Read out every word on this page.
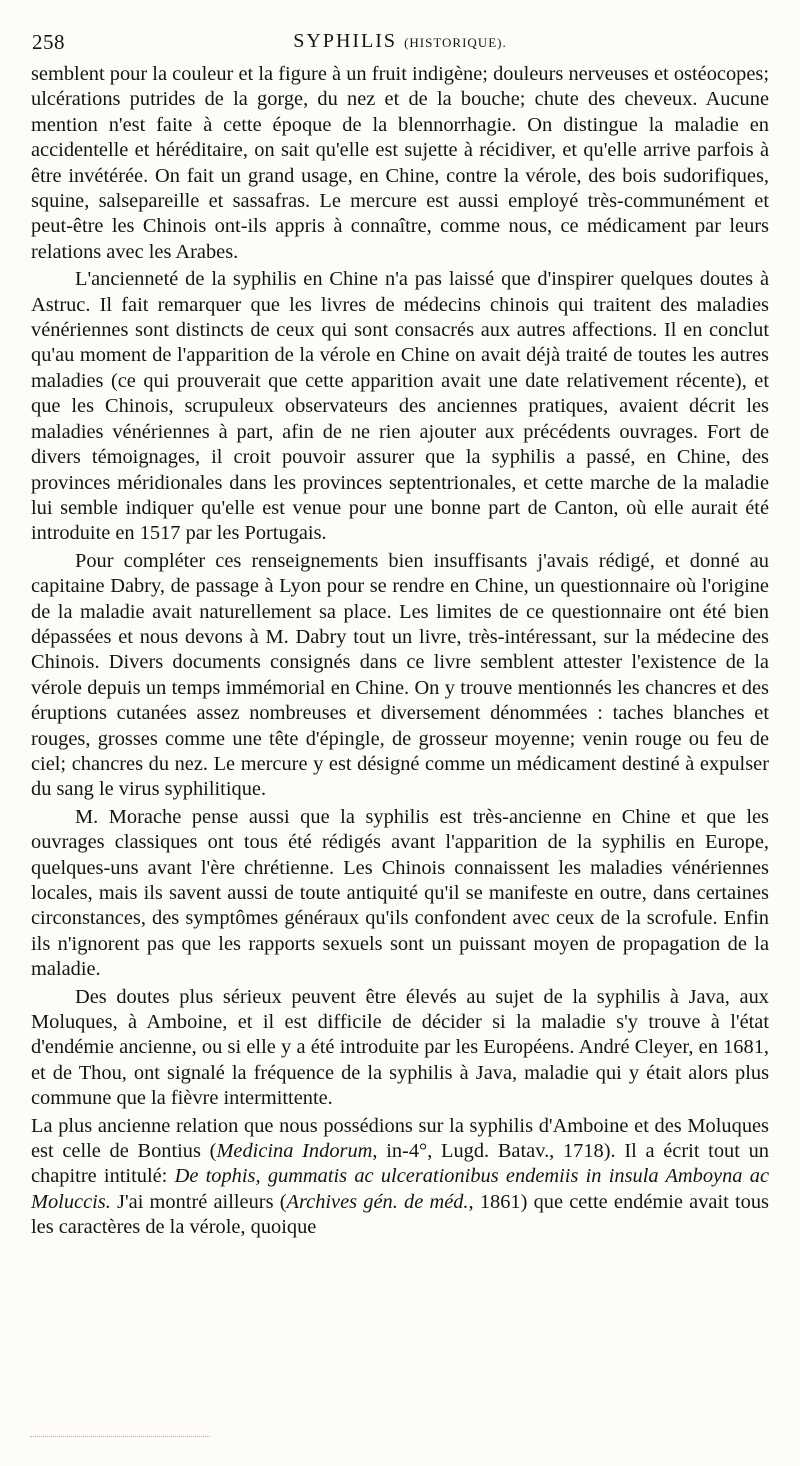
258	SYPHILIS (HISTORIQUE).

semblent pour la couleur et la figure à un fruit indigène; douleurs nerveuses et ostéocopes; ulcérations putrides de la gorge, du nez et de la bouche; chute des cheveux. Aucune mention n'est faite à cette époque de la blennorrhagie. On distingue la maladie en accidentelle et héréditaire, on sait qu'elle est sujette à récidiver, et qu'elle arrive parfois à être invétérée. On fait un grand usage, en Chine, contre la vérole, des bois sudorifiques, squine, salsepareille et sassafras. Le mercure est aussi employé très-communément et peut-être les Chinois ont-ils appris à connaître, comme nous, ce médicament par leurs relations avec les Arabes.

L'ancienneté de la syphilis en Chine n'a pas laissé que d'inspirer quelques doutes à Astruc. Il fait remarquer que les livres de médecins chinois qui traitent des maladies vénériennes sont distincts de ceux qui sont consacrés aux autres affections. Il en conclut qu'au moment de l'apparition de la vérole en Chine on avait déjà traité de toutes les autres maladies (ce qui prouverait que cette apparition avait une date relativement récente), et que les Chinois, scrupuleux observateurs des anciennes pratiques, avaient décrit les maladies vénériennes à part, afin de ne rien ajouter aux précédents ouvrages. Fort de divers témoignages, il croit pouvoir assurer que la syphilis a passé, en Chine, des provinces méridionales dans les provinces septentrionales, et cette marche de la maladie lui semble indiquer qu'elle est venue pour une bonne part de Canton, où elle aurait été introduite en 1517 par les Portugais.

Pour compléter ces renseignements bien insuffisants j'avais rédigé, et donné au capitaine Dabry, de passage à Lyon pour se rendre en Chine, un questionnaire où l'origine de la maladie avait naturellement sa place. Les limites de ce questionnaire ont été bien dépassées et nous devons à M. Dabry tout un livre, très-intéressant, sur la médecine des Chinois. Divers documents consignés dans ce livre semblent attester l'existence de la vérole depuis un temps immémorial en Chine. On y trouve mentionnés les chancres et des éruptions cutanées assez nombreuses et diversement dénommées : taches blanches et rouges, grosses comme une tête d'épingle, de grosseur moyenne; venin rouge ou feu de ciel; chancres du nez. Le mercure y est désigné comme un médicament destiné à expulser du sang le virus syphilitique.

M. Morache pense aussi que la syphilis est très-ancienne en Chine et que les ouvrages classiques ont tous été rédigés avant l'apparition de la syphilis en Europe, quelques-uns avant l'ère chrétienne. Les Chinois connaissent les maladies vénériennes locales, mais ils savent aussi de toute antiquité qu'il se manifeste en outre, dans certaines circonstances, des symptômes généraux qu'ils confondent avec ceux de la scrofule. Enfin ils n'ignorent pas que les rapports sexuels sont un puissant moyen de propagation de la maladie.

Des doutes plus sérieux peuvent être élevés au sujet de la syphilis à Java, aux Moluques, à Amboine, et il est difficile de décider si la maladie s'y trouve à l'état d'endémie ancienne, ou si elle y a été introduite par les Européens. André Cleyer, en 1681, et de Thou, ont signalé la fréquence de la syphilis à Java, maladie qui y était alors plus commune que la fièvre intermittente.

La plus ancienne relation que nous possédions sur la syphilis d'Amboine et des Moluques est celle de Bontius (Medicina Indorum, in-4°, Lugd. Batav., 1718). Il a écrit tout un chapitre intitulé: De tophis, gummatis ac ulcerationibus endemiis in insula Amboyna ac Moluccis. J'ai montré ailleurs (Archives gén. de méd., 1861) que cette endémie avait tous les caractères de la vérole, quoique
